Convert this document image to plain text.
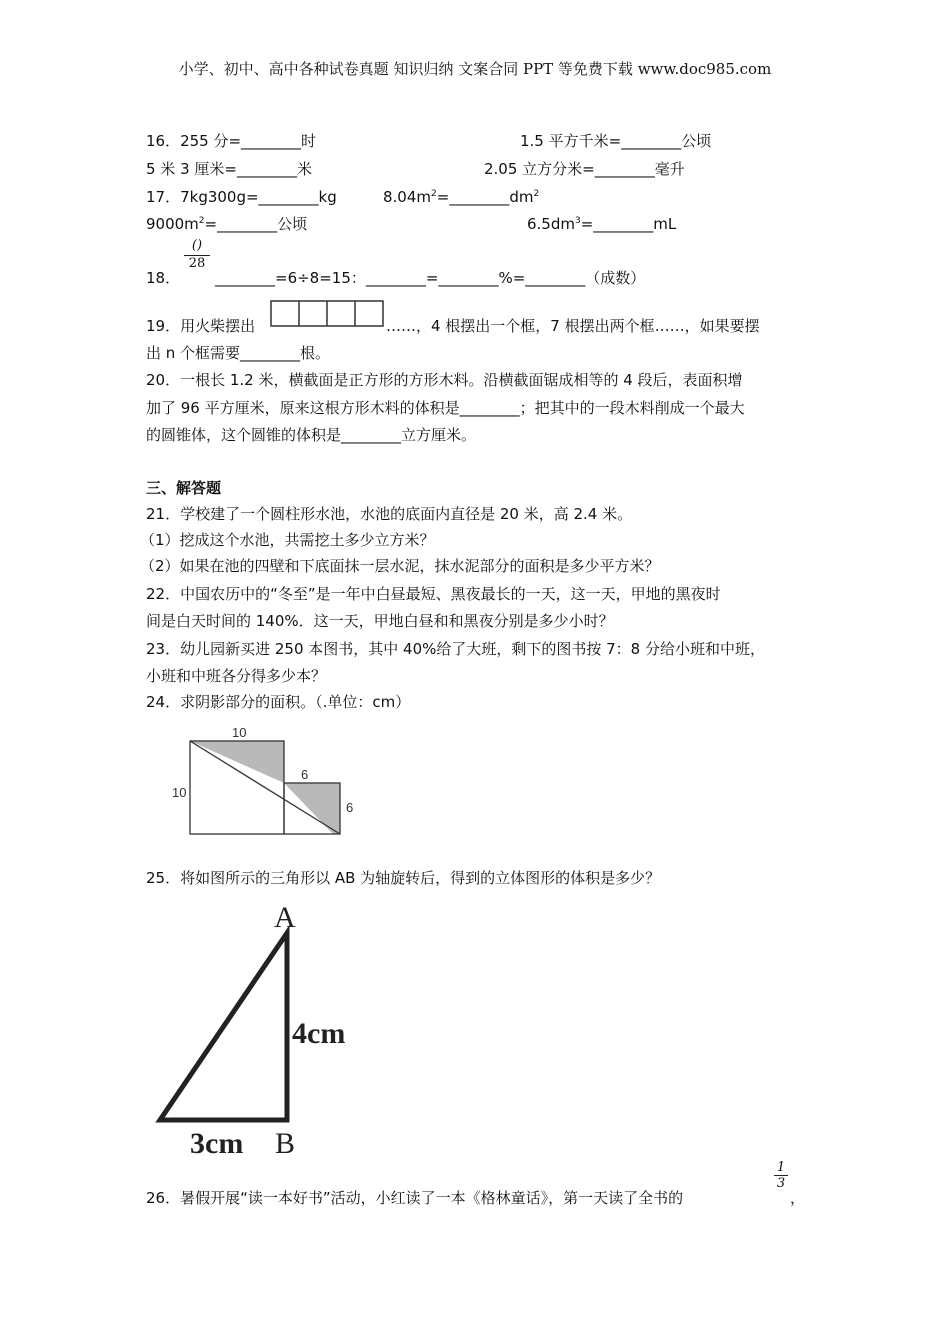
小学、初中、高中各种试卷真题 知识归纳 文案合同 PPT 等免费下载 www.doc985.com
16．255 分=________时	1.5 平方千米=________公顷
5 米 3 厘米=________米	2.05 立方分米=________毫升
17．7kg300g=________kg	$8.04m^2=\_\_\_\_\_\_\_\_dm^2$
$9000m^2=\_\_\_\_\_\_\_\_$公顷	$6.5dm^3=\_\_\_\_\_\_\_\_mL$
()
28
18． ________=6÷8=15：________=________%=________（成数）
19．用火柴摆出	……，4 根摆出一个框，7 根摆出两个框……，如果要摆
出 n 个框需要________根。
20．一根长 1.2 米，横截面是正方形的方形木料。沿横截面锯成相等的 4 段后，表面积增
加了 96 平方厘米，原来这根方形木料的体积是________；把其中的一段木料削成一个最大
的圆锥体，这个圆锥的体积是________立方厘米。
三、解答题
21．学校建了一个圆柱形水池，水池的底面内直径是 20 米，高 2.4 米。
（1）挖成这个水池，共需挖土多少立方米？
（2）如果在池的四壁和下底面抹一层水泥，抹水泥部分的面积是多少平方米？
22．中国农历中的“冬至”是一年中白昼最短、黑夜最长的一天，这一天，甲地的黑夜时
间是白天时间的 140%．这一天，甲地白昼和和黑夜分别是多少小时？
23．幼儿园新买进 250 本图书，其中 40%给了大班，剩下的图书按 7：8 分给小班和中班，
小班和中班各分得多少本？
24．求阴影部分的面积。（.单位：cm）
10
10
6
6
25．将如图所示的三角形以 AB 为轴旋转后，得到的立体图形的体积是多少？
A
4cm
3cm B
26．暑假开展“读一本好书”活动，小红读了一本《格林童话》，第一天读了全书的
1
3
，
